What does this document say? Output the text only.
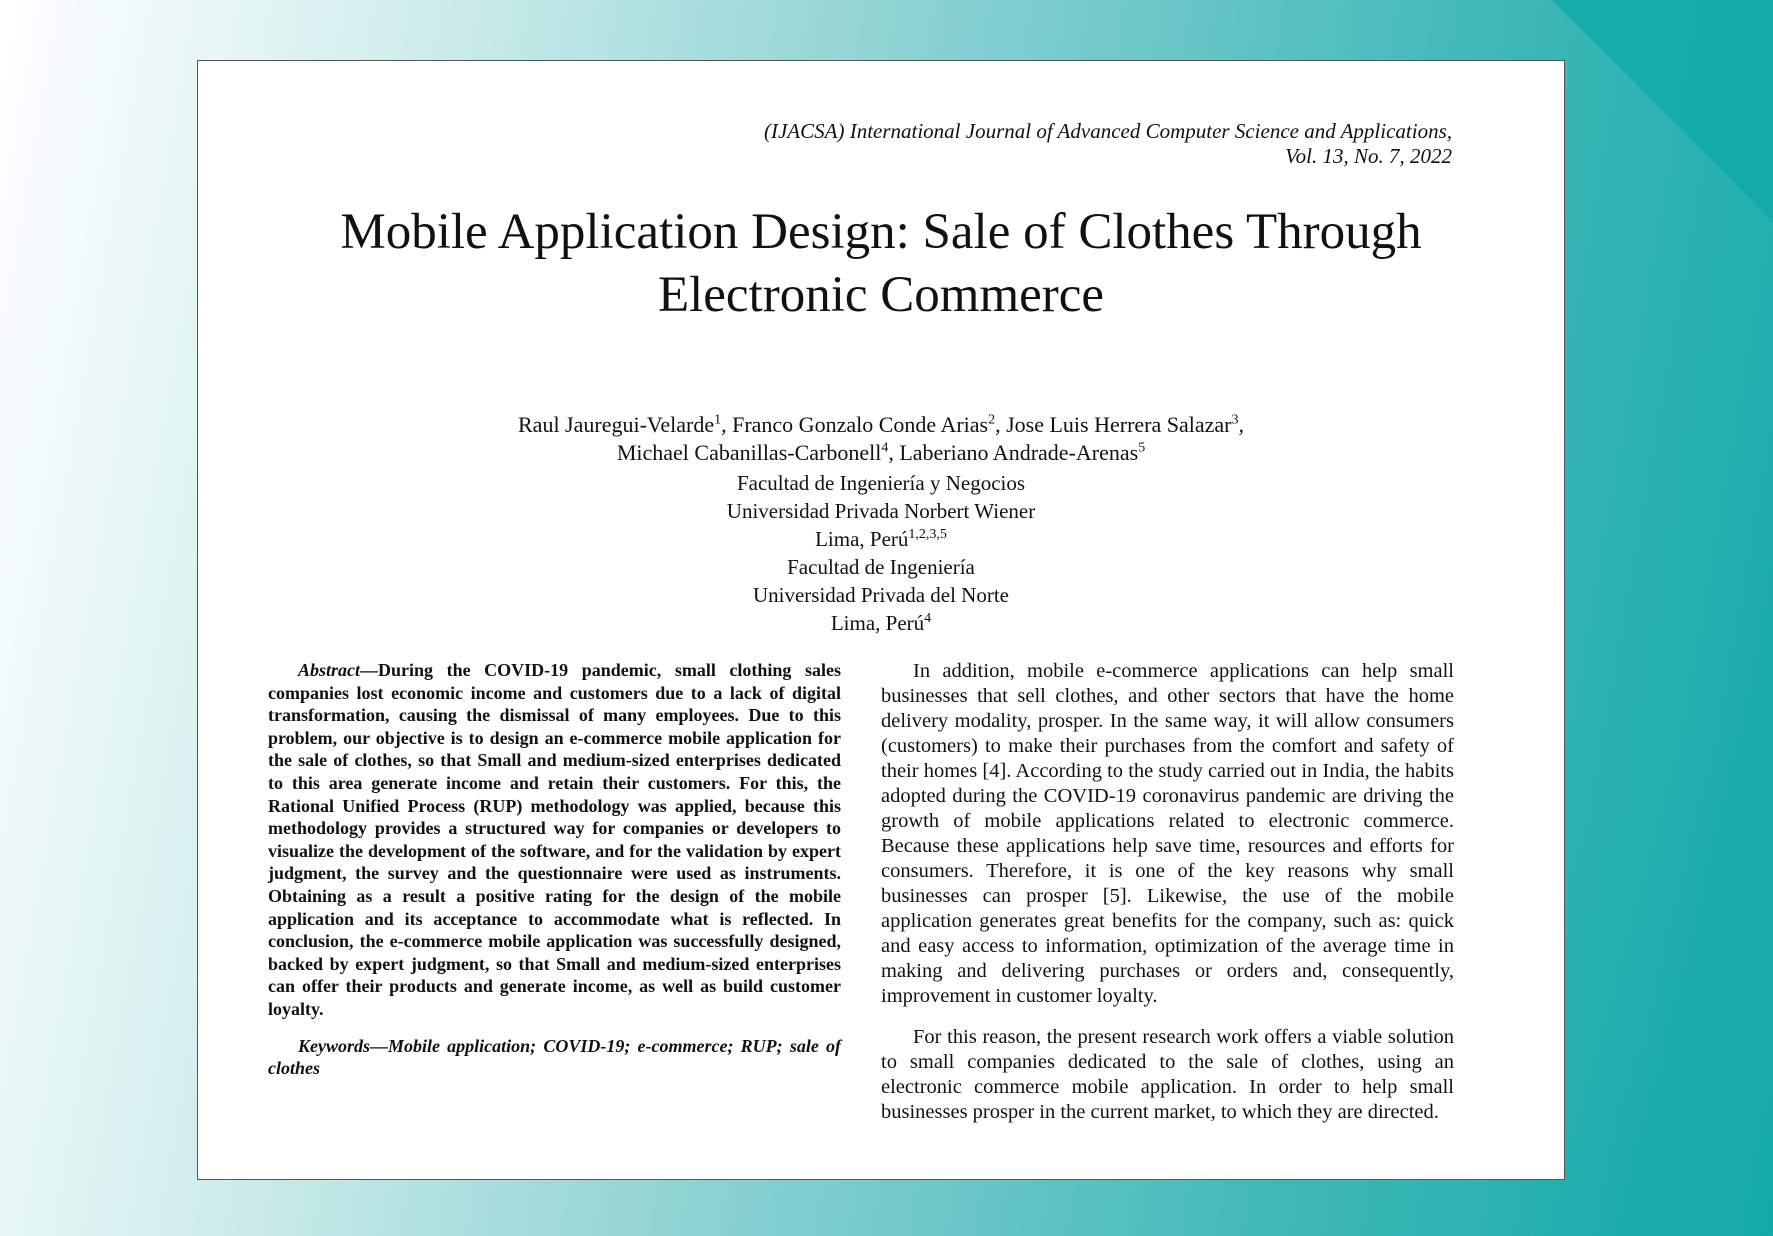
(IJACSA) International Journal of Advanced Computer Science and Applications,
Vol. 13, No. 7, 2022
Mobile Application Design: Sale of Clothes Through Electronic Commerce
Raul Jauregui-Velarde$^1$, Franco Gonzalo Conde Arias$^2$, Jose Luis Herrera Salazar$^3$,
Michael Cabanillas-Carbonell$^4$, Laberiano Andrade-Arenas$^5$
Facultad de Ingeniería y Negocios
Universidad Privada Norbert Wiener
Lima, Perú$^{1,2,3,5}$
Facultad de Ingeniería
Universidad Privada del Norte
Lima, Perú$^4$

Abstract—During the COVID-19 pandemic, small clothing sales companies lost economic income and customers due to a lack of digital transformation, causing the dismissal of many employees. Due to this problem, our objective is to design an e-commerce mobile application for the sale of clothes, so that Small and medium-sized enterprises dedicated to this area generate income and retain their customers. For this, the Rational Unified Process (RUP) methodology was applied, because this methodology provides a structured way for companies or developers to visualize the development of the software, and for the validation by expert judgment, the survey and the questionnaire were used as instruments. Obtaining as a result a positive rating for the design of the mobile application and its acceptance to accommodate what is reflected. In conclusion, the e-commerce mobile application was successfully designed, backed by expert judgment, so that Small and medium-sized enterprises can offer their products and generate income, as well as build customer loyalty.

Keywords—Mobile application; COVID-19; e-commerce; RUP; sale of clothes

In addition, mobile e-commerce applications can help small businesses that sell clothes, and other sectors that have the home delivery modality, prosper. In the same way, it will allow consumers (customers) to make their purchases from the comfort and safety of their homes [4]. According to the study carried out in India, the habits adopted during the COVID-19 coronavirus pandemic are driving the growth of mobile applications related to electronic commerce. Because these applications help save time, resources and efforts for consumers. Therefore, it is one of the key reasons why small businesses can prosper [5]. Likewise, the use of the mobile application generates great benefits for the company, such as: quick and easy access to information, optimization of the average time in making and delivering purchases or orders and, consequently, improvement in customer loyalty.

For this reason, the present research work offers a viable solution to small companies dedicated to the sale of clothes, using an electronic commerce mobile application. In order to help small businesses prosper in the current market, to which they are directed.
